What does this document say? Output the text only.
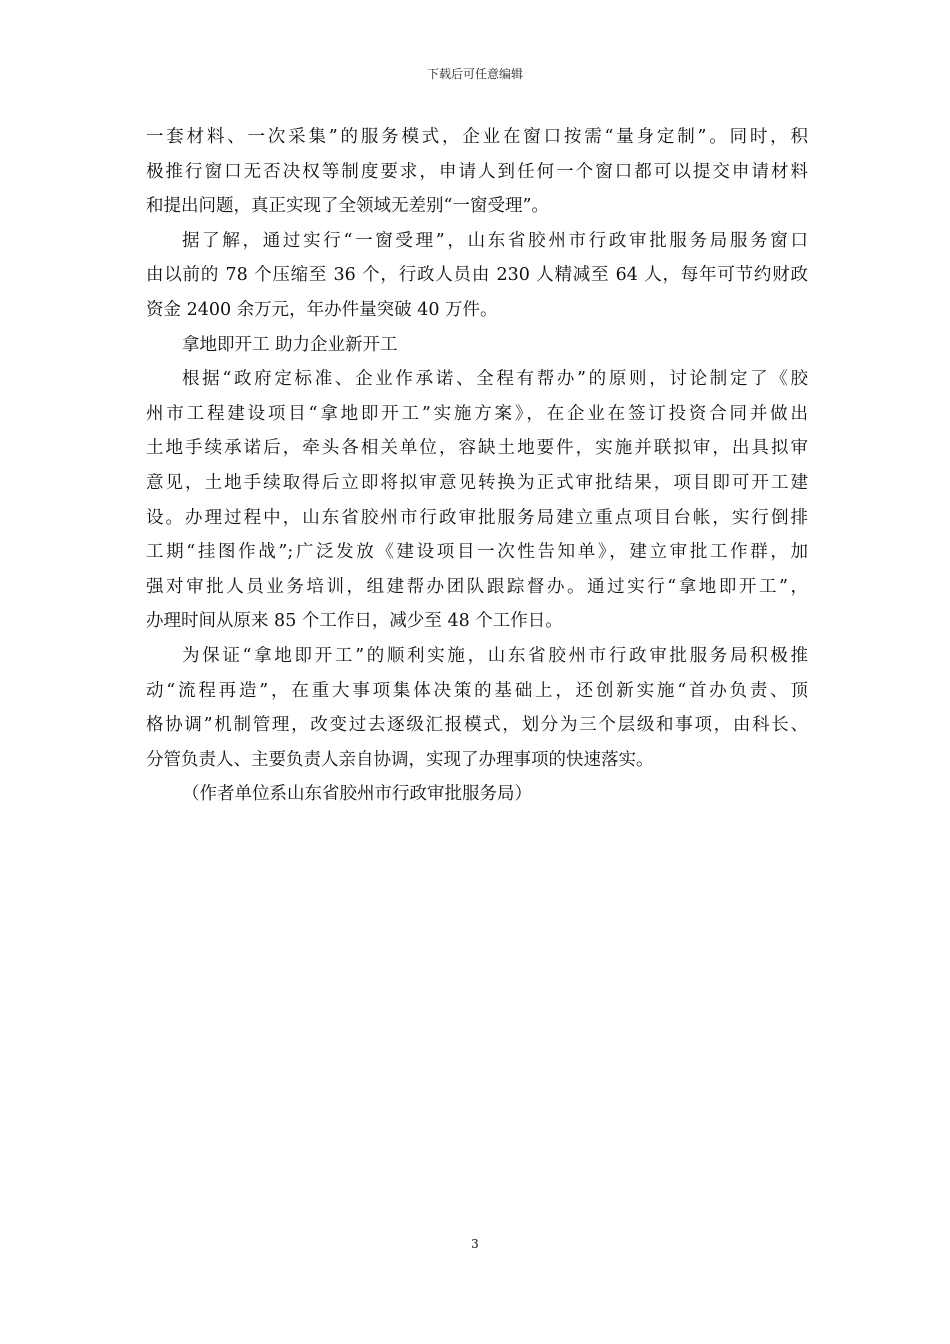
下载后可任意编辑
一套材料、一次采集”的服务模式，企业在窗口按需“量身定制”。同时，积
极推行窗口无否决权等制度要求，申请人到任何一个窗口都可以提交申请材料
和提出问题，真正实现了全领域无差别“一窗受理”。
据了解，通过实行“一窗受理”，山东省胶州市行政审批服务局服务窗口
由以前的 78 个压缩至 36 个，行政人员由 230 人精减至 64 人，每年可节约财政
资金 2400 余万元，年办件量突破 40 万件。
拿地即开工 助力企业新开工
根据“政府定标准、企业作承诺、全程有帮办”的原则，讨论制定了《胶
州市工程建设项目“拿地即开工”实施方案》，在企业在签订投资合同并做出
土地手续承诺后，牵头各相关单位，容缺土地要件，实施并联拟审，出具拟审
意见，土地手续取得后立即将拟审意见转换为正式审批结果，项目即可开工建
设。办理过程中，山东省胶州市行政审批服务局建立重点项目台帐，实行倒排
工期“挂图作战”;广泛发放《建设项目一次性告知单》，建立审批工作群，加
强对审批人员业务培训，组建帮办团队跟踪督办。通过实行“拿地即开工”，
办理时间从原来 85 个工作日，减少至 48 个工作日。
为保证“拿地即开工”的顺利实施，山东省胶州市行政审批服务局积极推
动“流程再造”，在重大事项集体决策的基础上，还创新实施“首办负责、顶
格协调”机制管理，改变过去逐级汇报模式，划分为三个层级和事项，由科长、
分管负责人、主要负责人亲自协调，实现了办理事项的快速落实。
（作者单位系山东省胶州市行政审批服务局）
3
